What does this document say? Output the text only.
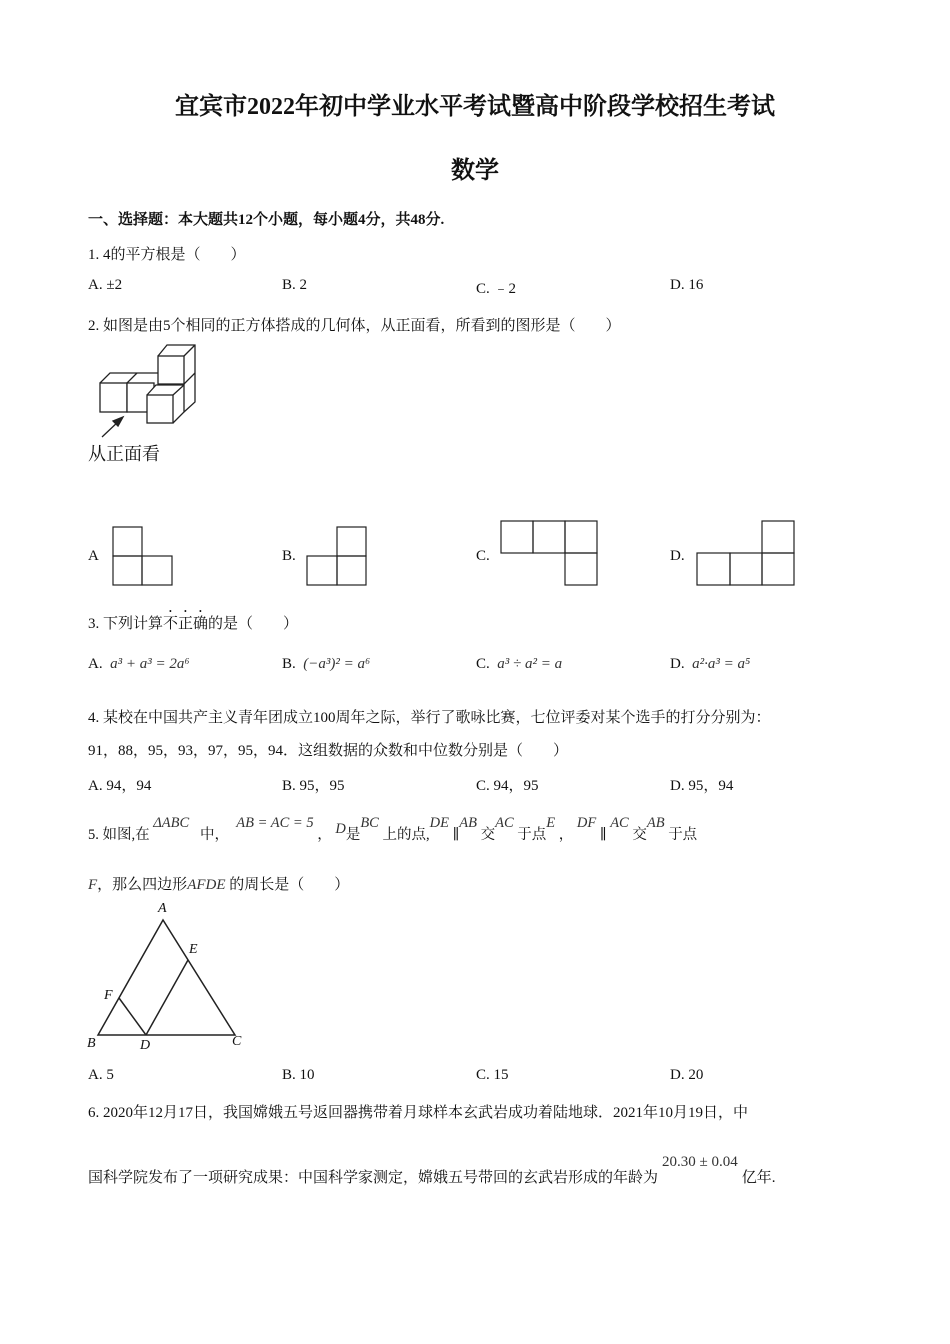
宜宾市2022年初中学业水平考试暨高中阶段学校招生考试
数学
一、选择题：本大题共12个小题，每小题4分，共48分.
1. 4的平方根是（　　）
A. ±2	B. 2	C. ﹣2	D. 16
2. 如图是由5个相同的正方体搭成的几何体，从正面看，所看到的图形是（　　）
从正面看
A	B.	C.	D.
3. 下列计算不正确的是（　　）
A. a³ + a³ = 2a⁶	B. (−a³)² = a⁶	C. a³ ÷ a² = a	D. a²·a³ = a⁵
4. 某校在中国共产主义青年团成立100周年之际，举行了歌咏比赛，七位评委对某个选手的打分分别为：
91，88，95，93，97，95，94．这组数据的众数和中位数分别是（　　）
A. 94，94	B. 95，95	C. 94，95	D. 95，94
5. 如图,在 ΔABC   中，  AB = AC = 5 ， D是BC 上的点,DE ∥AB 交AC 于点E ， DF ∥ AC 交AB 于点
F，那么四边形AFDE 的周长是（　　）
A
E
F
B	D	C
A. 5	B. 10	C. 15	D. 20
6. 2020年12月17日，我国嫦娥五号返回器携带着月球样本玄武岩成功着陆地球．2021年10月19日，中
国科学院发布了一项研究成果：中国科学家测定，嫦娥五号带回的玄武岩形成的年龄为20.30 ± 0.04亿年.
